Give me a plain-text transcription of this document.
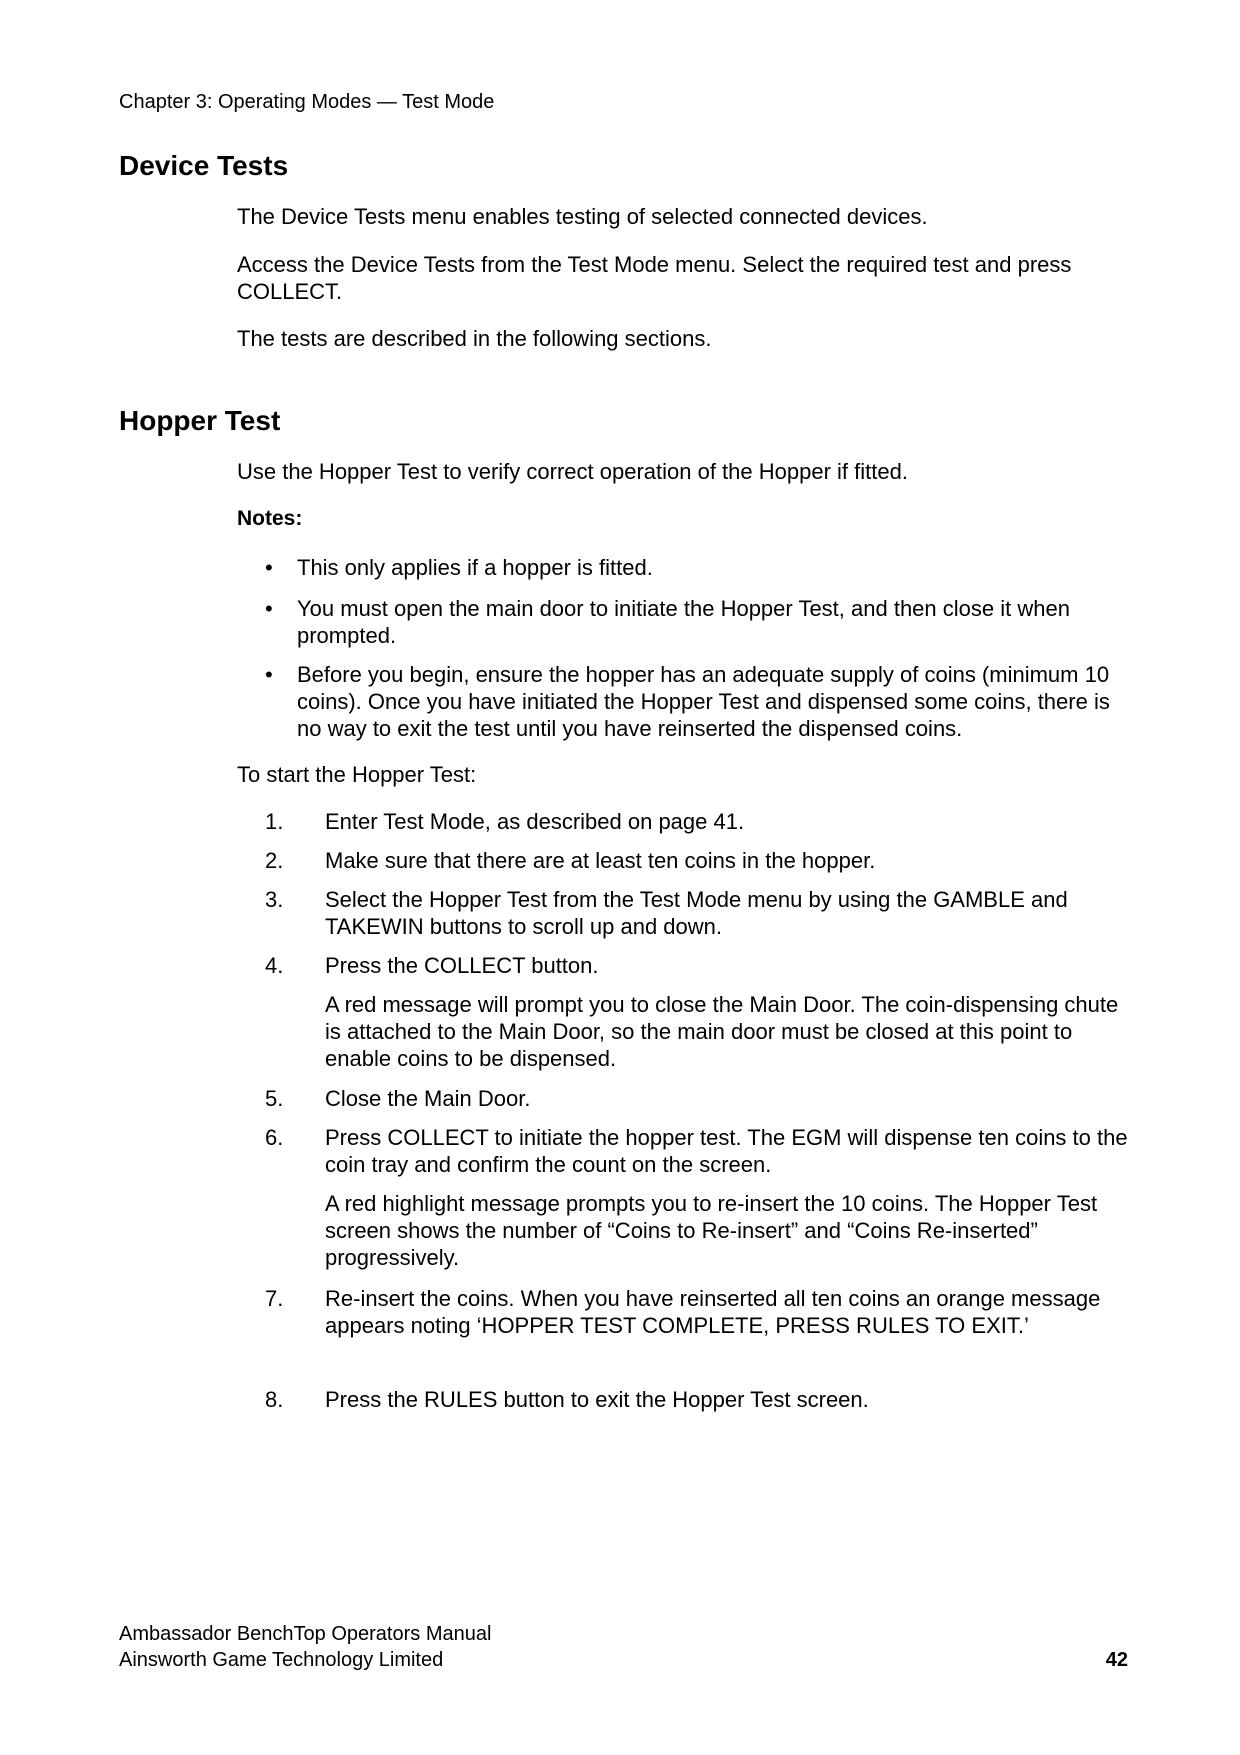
Chapter 3: Operating Modes — Test Mode
Device Tests

The Device Tests menu enables testing of selected connected devices.

Access the Device Tests from the Test Mode menu. Select the required test and press COLLECT.

The tests are described in the following sections.

Hopper Test

Use the Hopper Test to verify correct operation of the Hopper if fitted.

Notes:

• This only applies if a hopper is fitted.
• You must open the main door to initiate the Hopper Test, and then close it when prompted.
• Before you begin, ensure the hopper has an adequate supply of coins (minimum 10 coins). Once you have initiated the Hopper Test and dispensed some coins, there is no way to exit the test until you have reinserted the dispensed coins.

To start the Hopper Test:

1. Enter Test Mode, as described on page 41.
2. Make sure that there are at least ten coins in the hopper.
3. Select the Hopper Test from the Test Mode menu by using the GAMBLE and TAKEWIN buttons to scroll up and down.
4. Press the COLLECT button.

A red message will prompt you to close the Main Door. The coin-dispensing chute is attached to the Main Door, so the main door must be closed at this point to enable coins to be dispensed.

5. Close the Main Door.
6. Press COLLECT to initiate the hopper test. The EGM will dispense ten coins to the coin tray and confirm the count on the screen.

A red highlight message prompts you to re-insert the 10 coins. The Hopper Test screen shows the number of “Coins to Re-insert” and “Coins Re-inserted” progressively.

7. Re-insert the coins. When you have reinserted all ten coins an orange message appears noting ‘HOPPER TEST COMPLETE, PRESS RULES TO EXIT.’
8. Press the RULES button to exit the Hopper Test screen.
Ambassador BenchTop Operators Manual
Ainsworth Game Technology Limited	42
